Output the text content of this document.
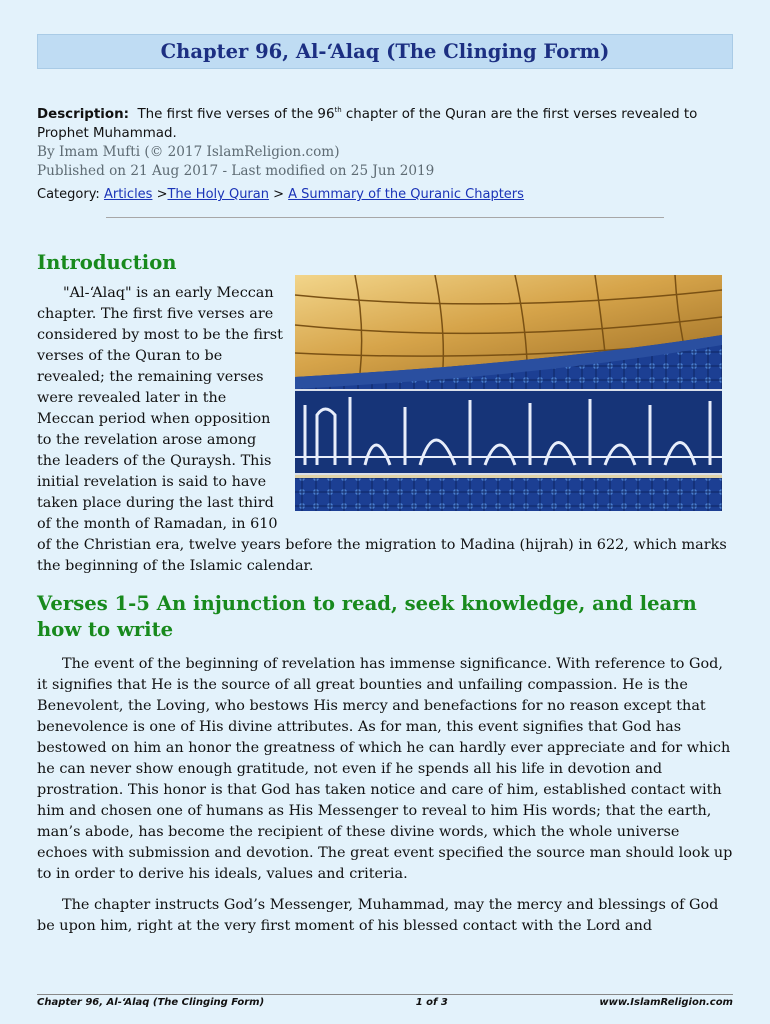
Chapter 96, Al-‘Alaq (The Clinging Form)
Description: The first five verses of the 96th chapter of the Quran are the first verses revealed to Prophet Muhammad.
By Imam Mufti (© 2017 IslamReligion.com)
Published on 21 Aug 2017 - Last modified on 25 Jun 2019
Category: Articles >The Holy Quran > A Summary of the Quranic Chapters
Introduction

"Al-‘Alaq" is an early Meccan chapter. The first five verses are considered by most to be the first verses of the Quran to be revealed; the remaining verses were revealed later in the Meccan period when opposition to the revelation arose among the leaders of the Quraysh. This initial revelation is said to have taken place during the last third of the month of Ramadan, in 610 of the Christian era, twelve years before the migration to Madina (hijrah) in 622, which marks the beginning of the Islamic calendar.

Verses 1-5 An injunction to read, seek knowledge, and learn how to write

The event of the beginning of revelation has immense significance. With reference to God, it signifies that He is the source of all great bounties and unfailing compassion. He is the Benevolent, the Loving, who bestows His mercy and benefactions for no reason except that benevolence is one of His divine attributes. As for man, this event signifies that God has bestowed on him an honor the greatness of which he can hardly ever appreciate and for which he can never show enough gratitude, not even if he spends all his life in devotion and prostration. This honor is that God has taken notice and care of him, established contact with him and chosen one of humans as His Messenger to reveal to him His words; that the earth, man’s abode, has become the recipient of these divine words, which the whole universe echoes with submission and devotion. The great event specified the source man should look up to in order to derive his ideals, values and criteria.

The chapter instructs God’s Messenger, Muhammad, may the mercy and blessings of God be upon him, right at the very first moment of his blessed contact with the Lord and

Chapter 96, Al-‘Alaq (The Clinging Form)	1 of 3	www.IslamReligion.com
